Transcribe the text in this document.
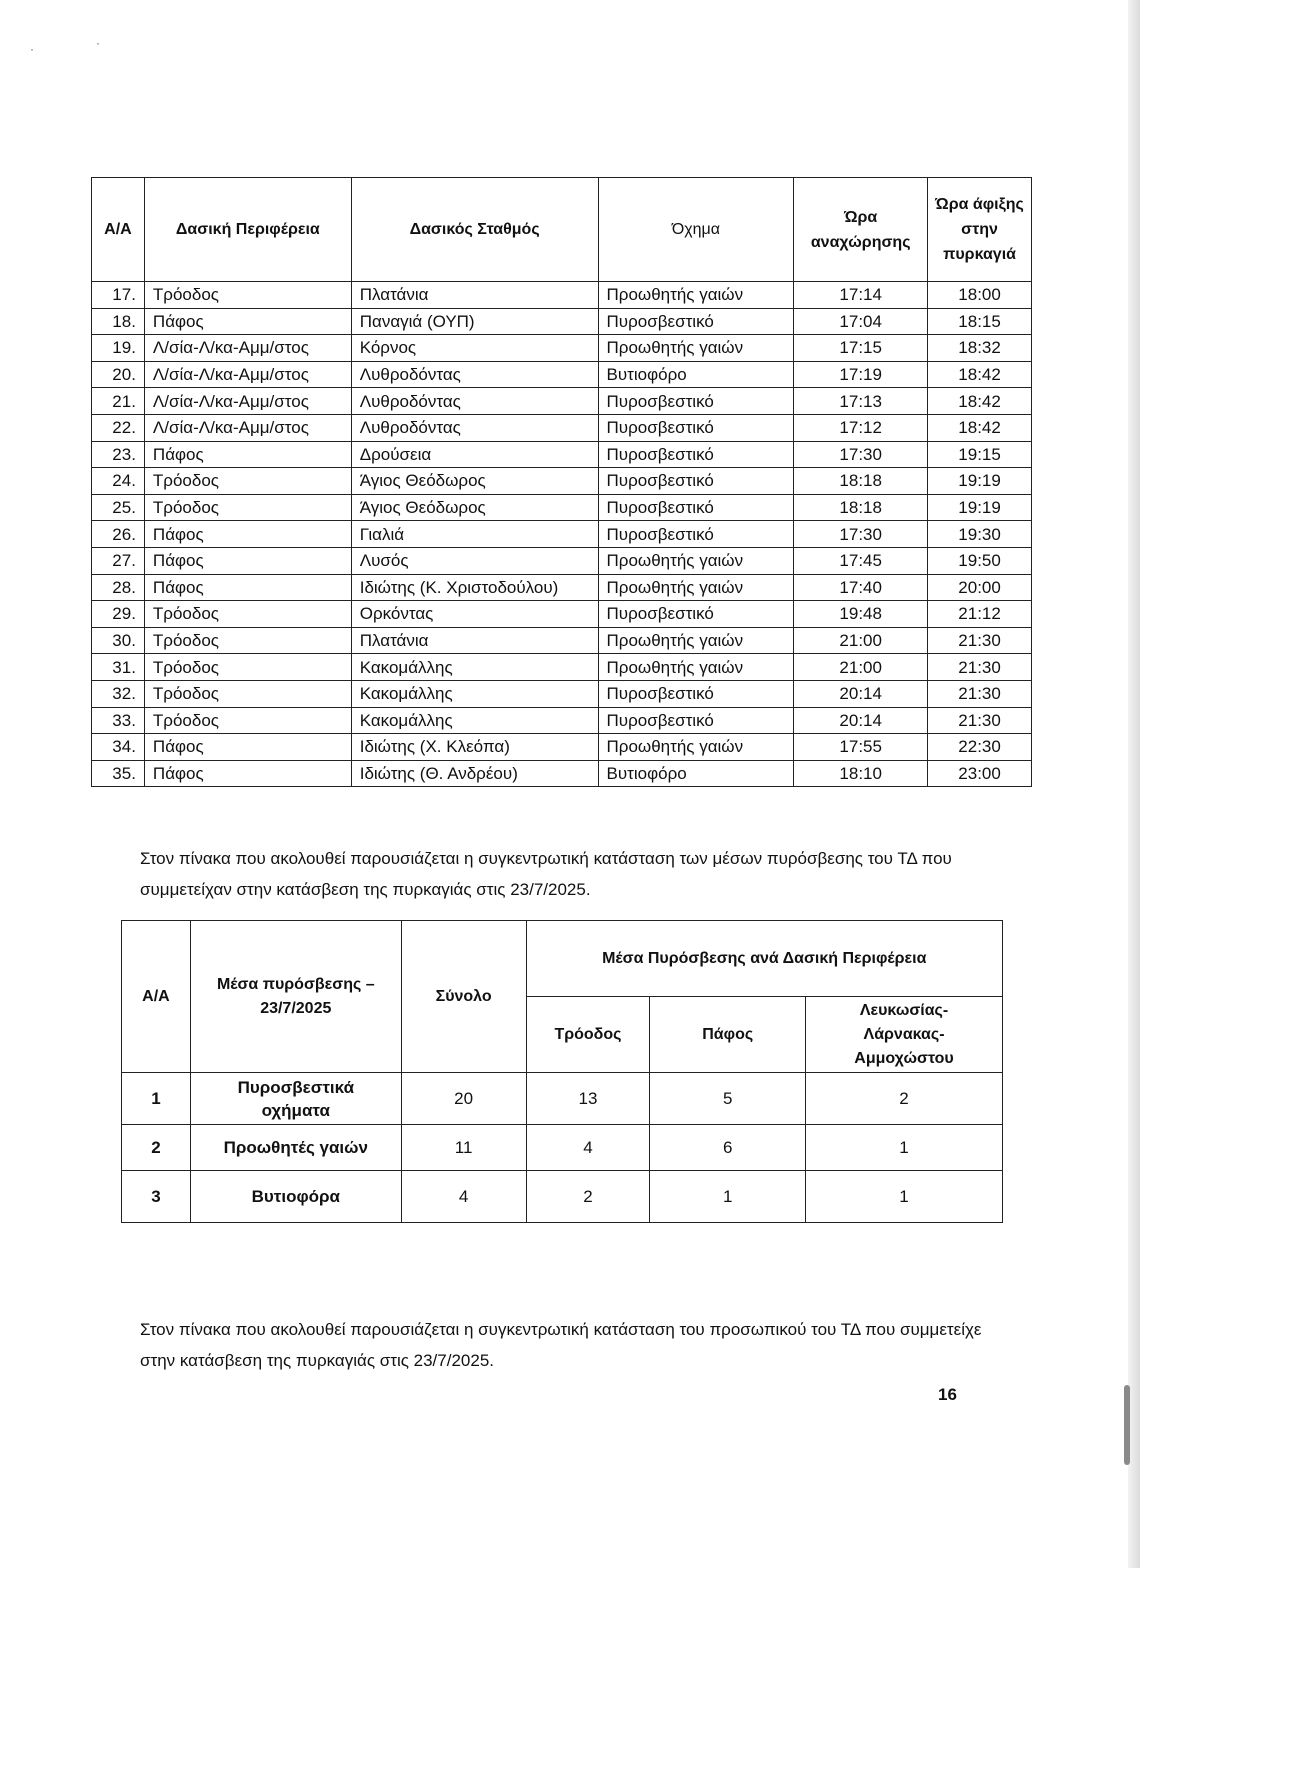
·	·
Α/Α	Δασική Περιφέρεια	Δασικός Σταθμός	Όχημα	Ώρα αναχώρησης	Ώρα άφιξης στην πυρκαγιά
17.	Τρόοδος	Πλατάνια	Προωθητής γαιών	17:14	18:00
18.	Πάφος	Παναγιά (ΟΥΠ)	Πυροσβεστικό	17:04	18:15
19.	Λ/σία-Λ/κα-Αμμ/στος	Κόρνος	Προωθητής γαιών	17:15	18:32
20.	Λ/σία-Λ/κα-Αμμ/στος	Λυθροδόντας	Βυτιοφόρο	17:19	18:42
21.	Λ/σία-Λ/κα-Αμμ/στος	Λυθροδόντας	Πυροσβεστικό	17:13	18:42
22.	Λ/σία-Λ/κα-Αμμ/στος	Λυθροδόντας	Πυροσβεστικό	17:12	18:42
23.	Πάφος	Δρούσεια	Πυροσβεστικό	17:30	19:15
24.	Τρόοδος	Άγιος Θεόδωρος	Πυροσβεστικό	18:18	19:19
25.	Τρόοδος	Άγιος Θεόδωρος	Πυροσβεστικό	18:18	19:19
26.	Πάφος	Γιαλιά	Πυροσβεστικό	17:30	19:30
27.	Πάφος	Λυσός	Προωθητής γαιών	17:45	19:50
28.	Πάφος	Ιδιώτης (Κ. Χριστοδούλου)	Προωθητής γαιών	17:40	20:00
29.	Τρόοδος	Ορκόντας	Πυροσβεστικό	19:48	21:12
30.	Τρόοδος	Πλατάνια	Προωθητής γαιών	21:00	21:30
31.	Τρόοδος	Κακομάλλης	Προωθητής γαιών	21:00	21:30
32.	Τρόοδος	Κακομάλλης	Πυροσβεστικό	20:14	21:30
33.	Τρόοδος	Κακομάλλης	Πυροσβεστικό	20:14	21:30
34.	Πάφος	Ιδιώτης (Χ. Κλεόπα)	Προωθητής γαιών	17:55	22:30
35.	Πάφος	Ιδιώτης (Θ. Ανδρέου)	Βυτιοφόρο	18:10	23:00
Στον πίνακα που ακολουθεί παρουσιάζεται η συγκεντρωτική κατάσταση των μέσων πυρόσβεσης του ΤΔ που συμμετείχαν στην κατάσβεση της πυρκαγιάς στις 23/7/2025.
Α/Α	Μέσα πυρόσβεσης – 23/7/2025	Σύνολο	Μέσα Πυρόσβεσης ανά Δασική Περιφέρεια		
			Τρόοδος	Πάφος	Λευκωσίας-Λάρνακας-Αμμοχώστου
1	Πυροσβεστικά οχήματα	20	13	5	2
2	Προωθητές γαιών	11	4	6	1
3	Βυτιοφόρα	4	2	1	1
Στον πίνακα που ακολουθεί παρουσιάζεται η συγκεντρωτική κατάσταση του προσωπικού του ΤΔ που συμμετείχε στην κατάσβεση της πυρκαγιάς στις 23/7/2025.
16
